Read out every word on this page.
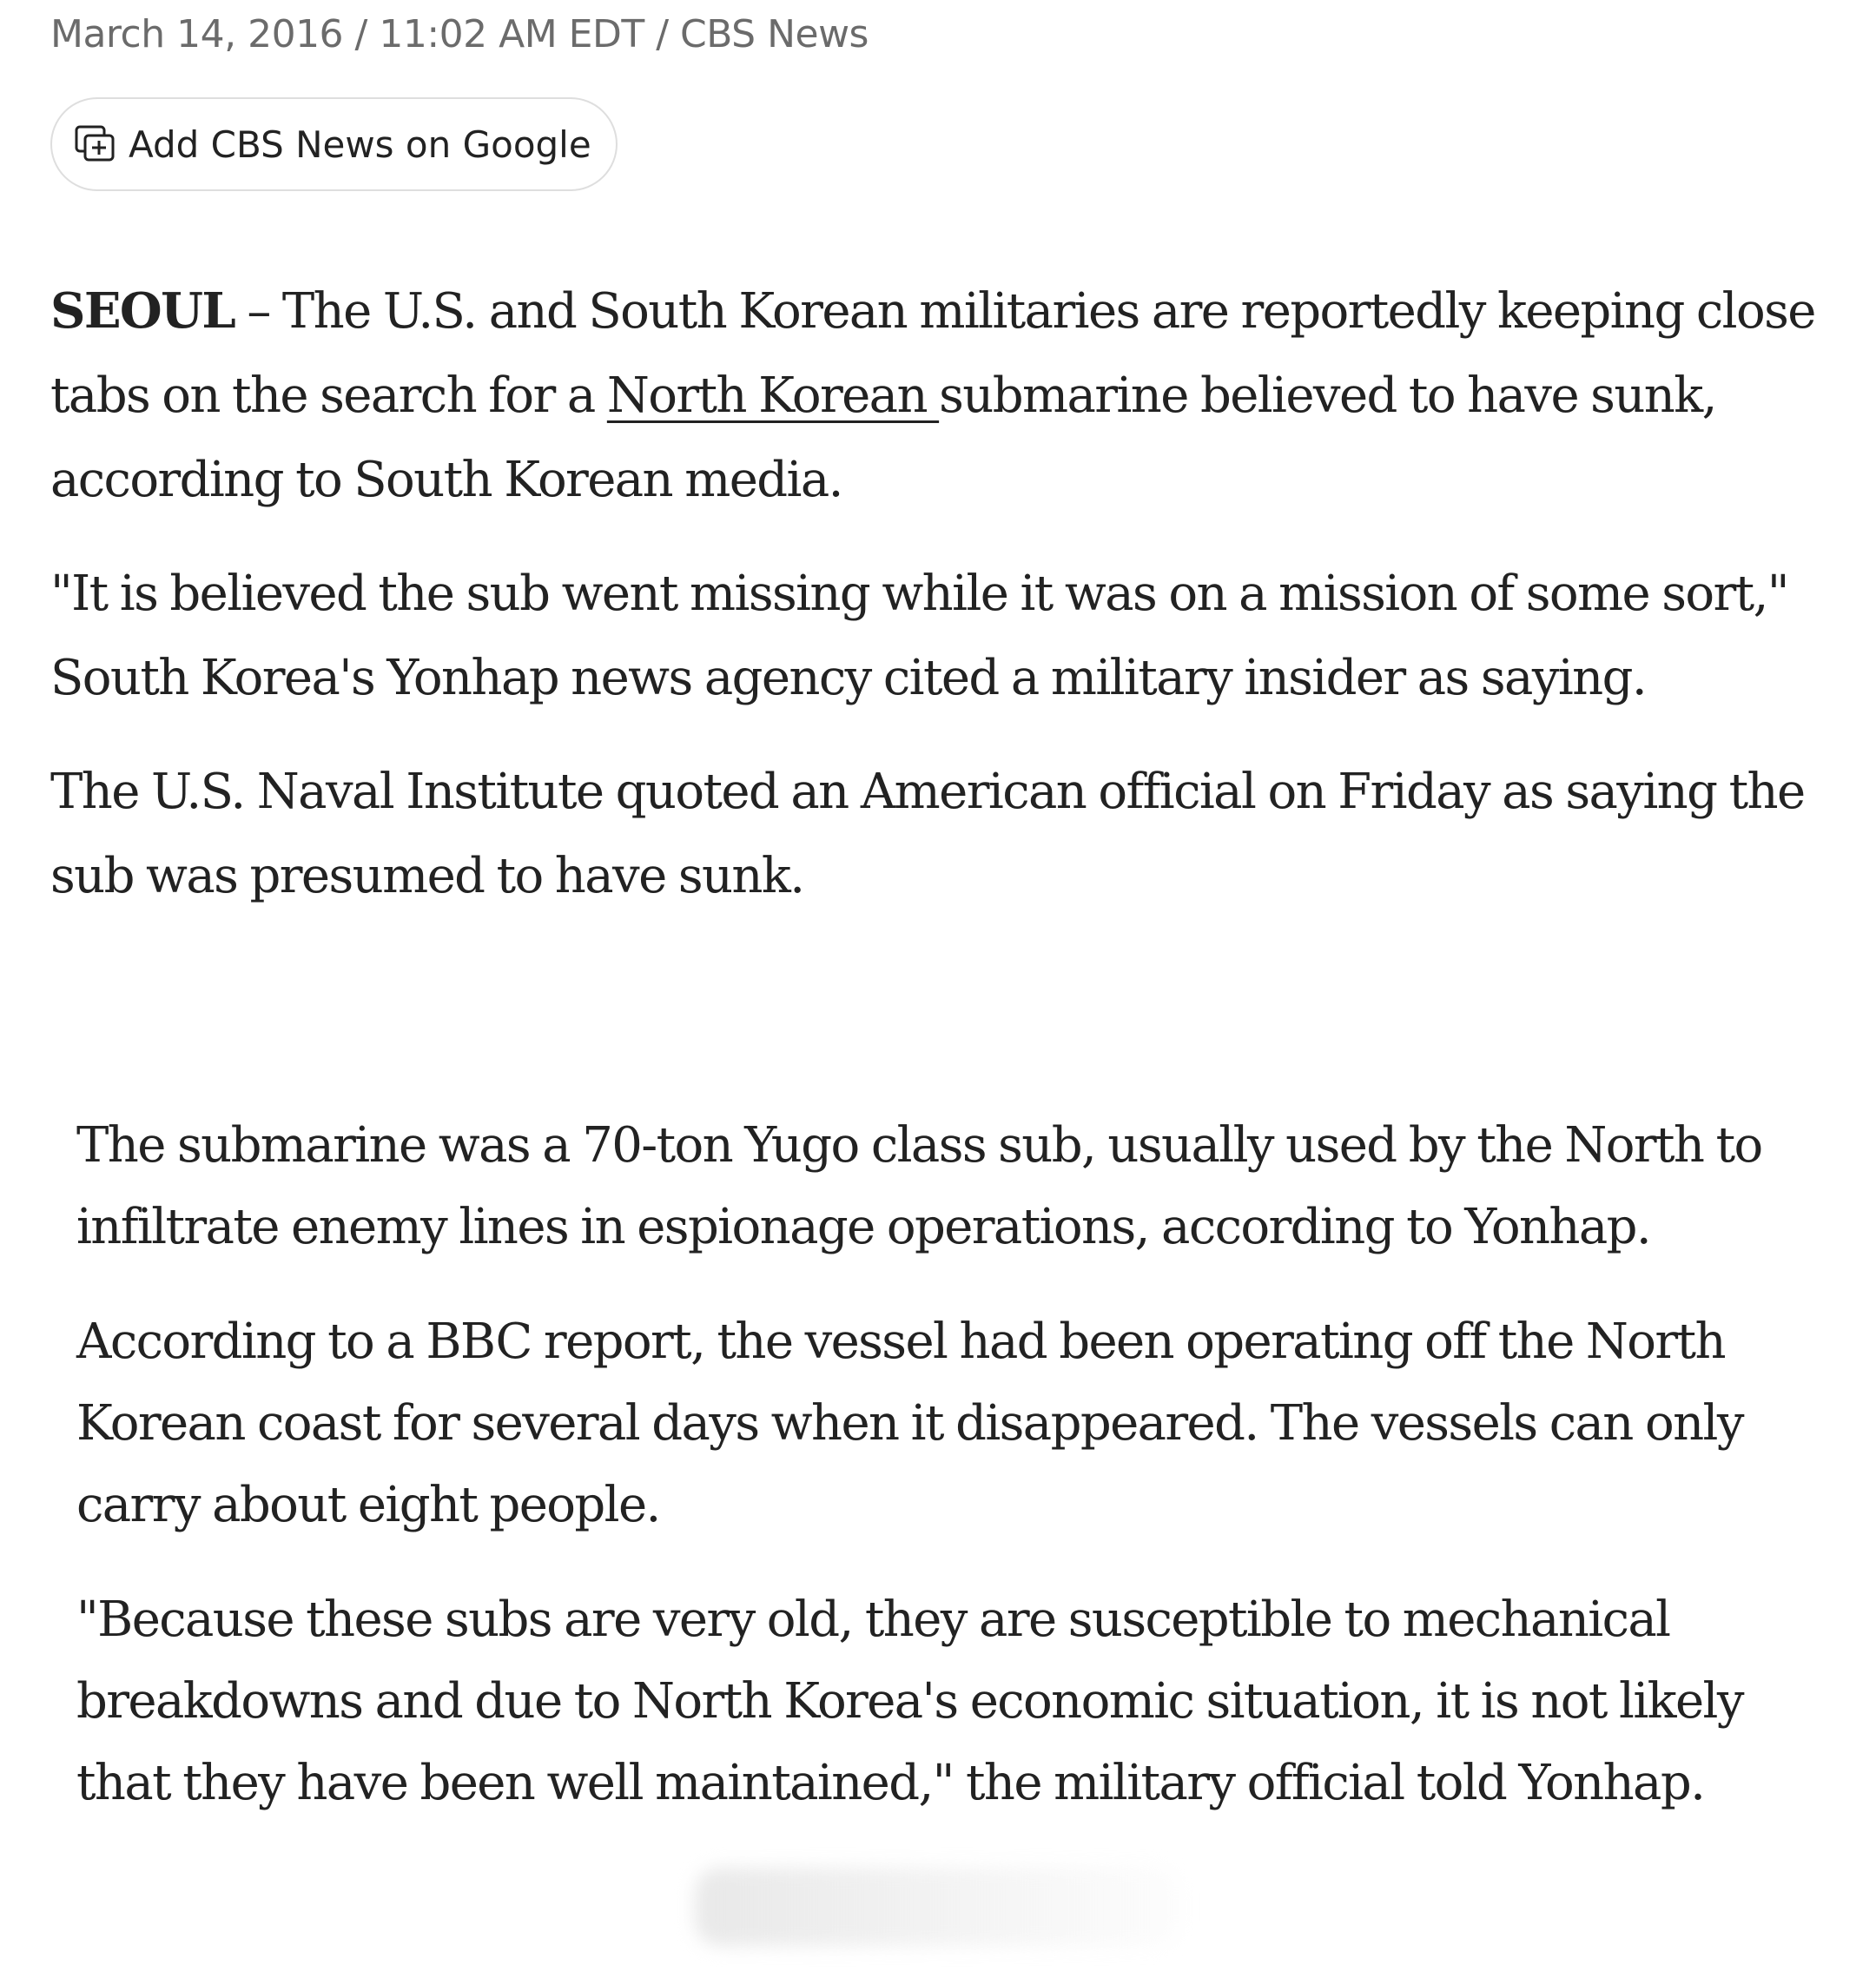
March 14, 2016 / 11:02 AM EDT / CBS News
Add CBS News on Google

SEOUL – The U.S. and South Korean militaries are reportedly keeping close tabs on the search for a North Korean submarine believed to have sunk, according to South Korean media.

"It is believed the sub went missing while it was on a mission of some sort," South Korea's Yonhap news agency cited a military insider as saying.

The U.S. Naval Institute quoted an American official on Friday as saying the sub was presumed to have sunk.

The submarine was a 70-ton Yugo class sub, usually used by the North to infiltrate enemy lines in espionage operations, according to Yonhap.

According to a BBC report, the vessel had been operating off the North Korean coast for several days when it disappeared. The vessels can only carry about eight people.

"Because these subs are very old, they are susceptible to mechanical breakdowns and due to North Korea's economic situation, it is not likely that they have been well maintained," the military official told Yonhap.
